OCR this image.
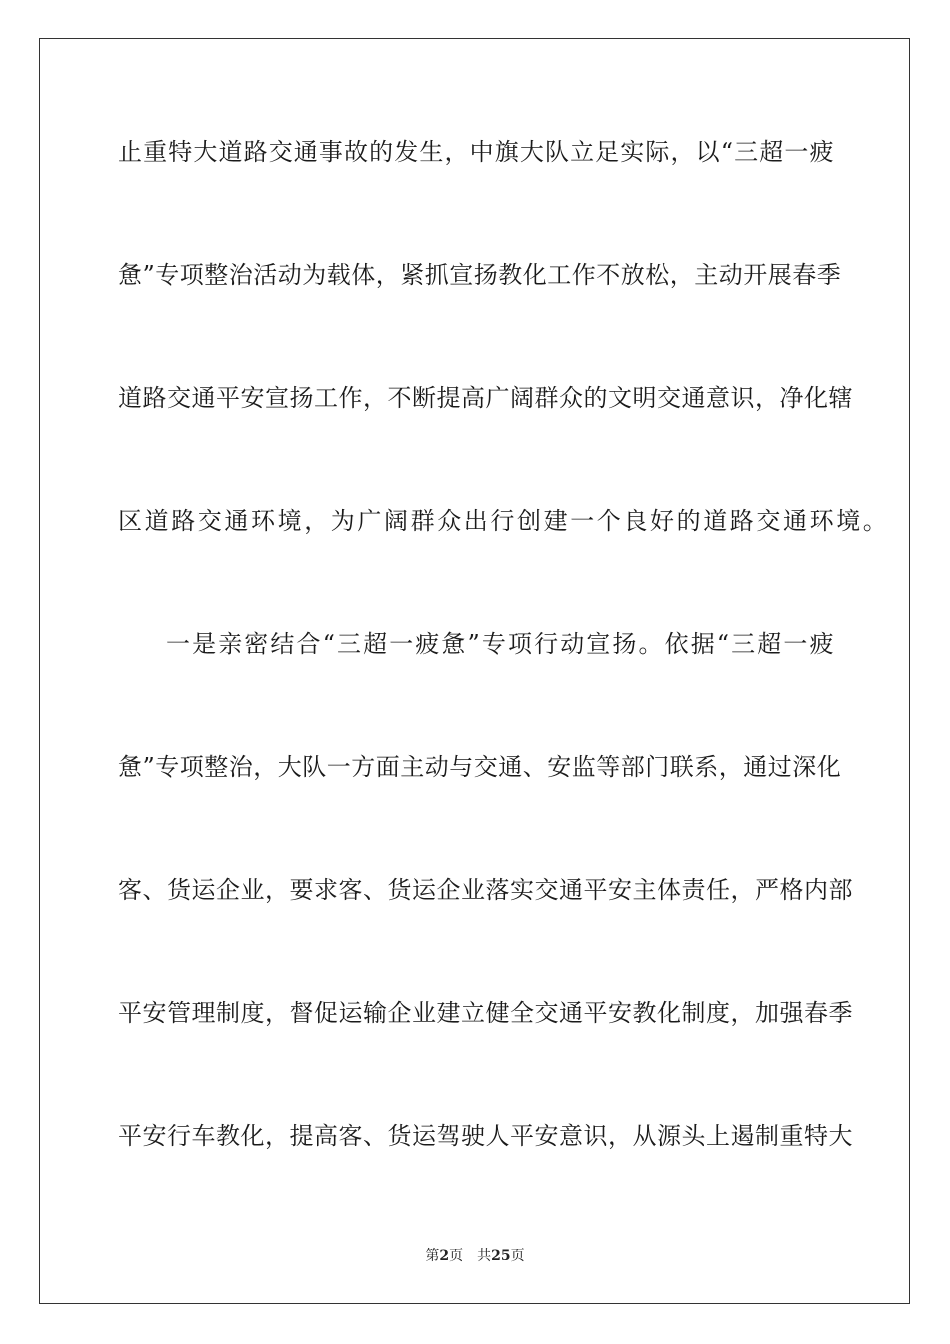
止重特大道路交通事故的发生，中旗大队立足实际，以“三超一疲
惫”专项整治活动为载体，紧抓宣扬教化工作不放松，主动开展春季
道路交通平安宣扬工作，不断提高广阔群众的文明交通意识，净化辖
区道路交通环境，为广阔群众出行创建一个良好的道路交通环境。
一是亲密结合“三超一疲惫”专项行动宣扬。依据“三超一疲
惫”专项整治，大队一方面主动与交通、安监等部门联系，通过深化
客、货运企业，要求客、货运企业落实交通平安主体责任，严格内部
平安管理制度，督促运输企业建立健全交通平安教化制度，加强春季
平安行车教化，提高客、货运驾驶人平安意识，从源头上遏制重特大
第2页 共25页
